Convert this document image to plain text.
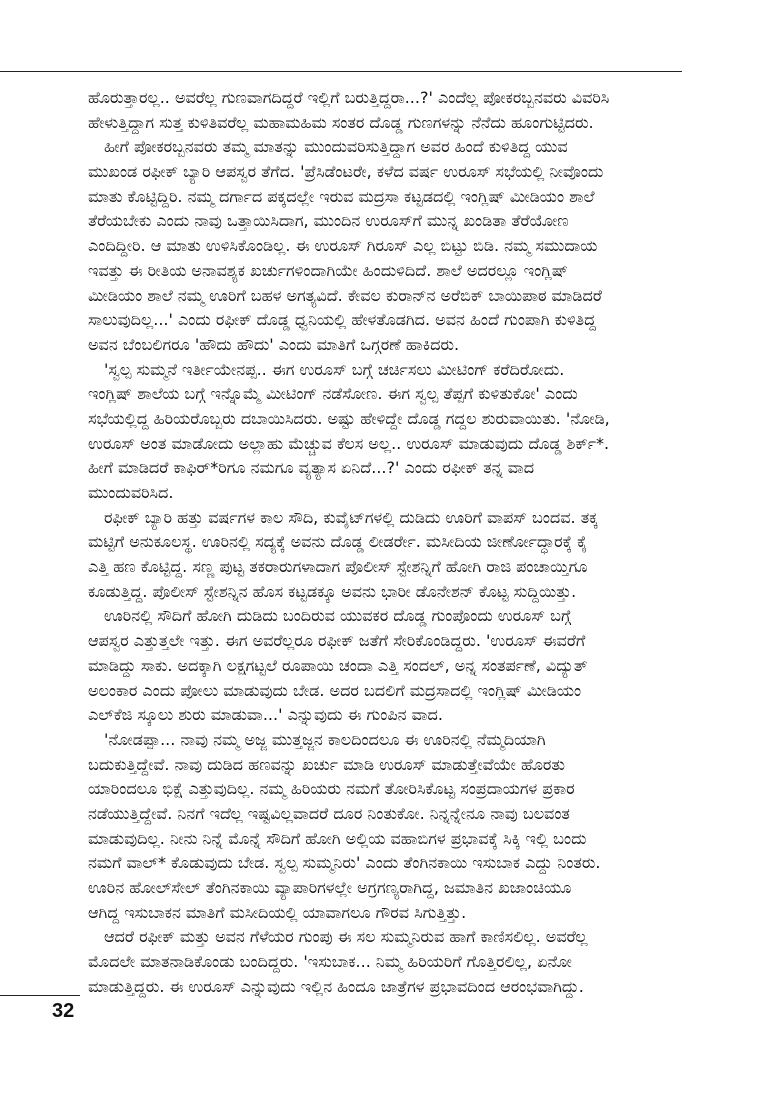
ಹೊರುತ್ತಾರಲ್ಲ.. ಅವರೆಲ್ಲ ಗುಣವಾಗದಿದ್ದರೆ ಇಲ್ಲಿಗೆ ಬರುತ್ತಿದ್ದರಾ...?' ಎಂದೆಲ್ಲ ಪೋಕರಬ್ಬನವರು ವಿವರಿಸಿ
ಹೇಳುತ್ತಿದ್ದಾಗ ಸುತ್ತ ಕುಳಿತಿವರೆಲ್ಲ ಮಹಾಮಹಿಮ ಸಂತರ ದೊಡ್ಡ ಗುಣಗಳನ್ನು ನೆನೆದು ಹೂಂಗುಟ್ಟಿದರು.
ಹೀಗೆ ಪೋಕರಬ್ಬನವರು ತಮ್ಮ ಮಾತನ್ನು ಮುಂದುವರಿಸುತ್ತಿದ್ದಾಗ ಅವರ ಹಿಂದೆ ಕುಳಿತಿದ್ದ ಯುವ
ಮುಖಂಡ ರಫೀಕ್ ಬ್ಯಾರಿ ಆಪಸ್ವರ ತೆಗೆದ. 'ಪ್ರೆಸಿಡೆಂಟರೇ, ಕಳೆದ ವರ್ಷ ಉರೂಸ್ ಸಭೆಯಲ್ಲಿ ನೀವೊಂದು
ಮಾತು ಕೊಟ್ಟಿದ್ದಿರಿ. ನಮ್ಮ ದರ್ಗಾದ ಪಕ್ಕದಲ್ಲೇ ಇರುವ ಮದ್ರಸಾ ಕಟ್ಟಡದಲ್ಲಿ ಇಂಗ್ಲಿಷ್ ಮೀಡಿಯಂ ಶಾಲೆ
ತೆರೆಯಬೇಕು ಎಂದು ನಾವು ಒತ್ತಾಯಿಸಿದಾಗ, ಮುಂದಿನ ಉರೂಸ್‌ಗೆ ಮುನ್ನ ಖಂಡಿತಾ ತೆರೆಯೋಣ
ಎಂದಿದ್ದೀರಿ. ಆ ಮಾತು ಉಳಿಸಿಕೊಂಡಿಲ್ಲ. ಈ ಉರೂಸ್ ಗಿರೂಸ್ ಎಲ್ಲ ಬಿಟ್ಟು ಬಿಡಿ. ನಮ್ಮ ಸಮುದಾಯ
ಇವತ್ತು ಈ ರೀತಿಯ ಅನಾವಶ್ಯಕ ಖರ್ಚುಗಳಿಂದಾಗಿಯೇ ಹಿಂದುಳಿದಿದೆ. ಶಾಲೆ ಅದರಲ್ಲೂ ಇಂಗ್ಲಿಷ್
ಮೀಡಿಯಂ ಶಾಲೆ ನಮ್ಮ ಊರಿಗೆ ಬಹಳ ಅಗತ್ಯವಿದೆ. ಕೇವಲ ಕುರಾನ್‌ನ ಅರೆಬಿಕ್ ಬಾಯಿಪಾಠ ಮಾಡಿದರೆ
ಸಾಲುವುದಿಲ್ಲ...' ಎಂದು ರಫೀಕ್ ದೊಡ್ಡ ಧ್ವನಿಯಲ್ಲಿ ಹೇಳತೊಡಗಿದ. ಅವನ ಹಿಂದೆ ಗುಂಪಾಗಿ ಕುಳಿತಿದ್ದ
ಅವನ ಬೆಂಬಲಿಗರೂ 'ಹೌದು ಹೌದು' ಎಂದು ಮಾತಿಗೆ ಒಗ್ಗರಣೆ ಹಾಕಿದರು.
'ಸ್ವಲ್ಪ ಸುಮ್ಮನೆ ಇರ್ತೀಯೇನಪ್ಪ.. ಈಗ ಉರೂಸ್ ಬಗ್ಗೆ ಚರ್ಚಿಸಲು ಮೀಟಿಂಗ್ ಕರೆದಿರೋದು.
ಇಂಗ್ಲಿಷ್ ಶಾಲೆಯ ಬಗ್ಗೆ ಇನ್ನೊಮ್ಮೆ ಮೀಟಿಂಗ್ ನಡೆಸೋಣ. ಈಗ ಸ್ವಲ್ಪ ತೆಪ್ಪಗೆ ಕುಳಿತುಕೋ' ಎಂದು
ಸಭೆಯಲ್ಲಿದ್ದ ಹಿರಿಯರೊಬ್ಬರು ದಬಾಯಿಸಿದರು. ಅಷ್ಟು ಹೇಳಿದ್ದೇ ದೊಡ್ಡ ಗದ್ದಲ ಶುರುವಾಯಿತು. 'ನೋಡಿ,
ಉರೂಸ್ ಅಂತ ಮಾಡೋದು ಅಲ್ಲಾಹು ಮೆಚ್ಚುವ ಕೆಲಸ ಅಲ್ಲ.. ಉರೂಸ್ ಮಾಡುವುದು ದೊಡ್ಡ ಶಿರ್ಕ್*.
ಹೀಗೆ ಮಾಡಿದರೆ ಕಾಫಿರ್*ರಿಗೂ ನಮಗೂ ವ್ಯತ್ಯಾಸ ಏನಿದೆ...?' ಎಂದು ರಫೀಕ್ ತನ್ನ ವಾದ
ಮುಂದುವರಿಸಿದ.
ರಫೀಕ್ ಬ್ಯಾರಿ ಹತ್ತು ವರ್ಷಗಳ ಕಾಲ ಸೌದಿ, ಕುವೈಟ್‌ಗಳಲ್ಲಿ ದುಡಿದು ಊರಿಗೆ ವಾಪಸ್ ಬಂದವ. ತಕ್ಕ
ಮಟ್ಟಿಗೆ ಅನುಕೂಲಸ್ಥ. ಊರಿನಲ್ಲಿ ಸದ್ಯಕ್ಕೆ ಅವನು ದೊಡ್ಡ ಲೀಡರ್ರೇ. ಮಸೀದಿಯ ಜೀರ್ಣೋದ್ಧಾರಕ್ಕೆ ಕೈ
ಎತ್ತಿ ಹಣ ಕೊಟ್ಟಿದ್ದ. ಸಣ್ಣ ಪುಟ್ಟ ತಕರಾರುಗಳಾದಾಗ ಪೊಲೀಸ್ ಸ್ಟೇಶನ್ನಿಗೆ ಹೋಗಿ ರಾಜಿ ಪಂಚಾಯ್ತಿಗೂ
ಕೂಡುತ್ತಿದ್ದ. ಪೊಲೀಸ್ ಸ್ಟೇಶನ್ನಿನ ಹೊಸ ಕಟ್ಟಡಕ್ಕೂ ಅವನು ಭಾರೀ ಡೊನೇಶನ್ ಕೊಟ್ಟ ಸುದ್ದಿಯಿತ್ತು.
ಊರಿನಲ್ಲಿ ಸೌದಿಗೆ ಹೋಗಿ ದುಡಿದು ಬಂದಿರುವ ಯುವಕರ ದೊಡ್ಡ ಗುಂಪೊಂದು ಉರೂಸ್ ಬಗ್ಗೆ
ಆಪಸ್ವರ ಎತ್ತುತ್ತಲೇ ಇತ್ತು. ಈಗ ಅವರೆಲ್ಲರೂ ರಫೀಕ್ ಜತೆಗೆ ಸೇರಿಕೊಂಡಿದ್ದರು. 'ಉರೂಸ್ ಈವರೆಗೆ
ಮಾಡಿದ್ದು ಸಾಕು. ಅದಕ್ಕಾಗಿ ಲಕ್ಷಗಟ್ಟಲೆ ರೂಪಾಯಿ ಚಂದಾ ಎತ್ತಿ ಸಂದಲ್, ಅನ್ನ ಸಂತರ್ಪಣೆ, ವಿದ್ಯುತ್
ಅಲಂಕಾರ ಎಂದು ಪೋಲು ಮಾಡುವುದು ಬೇಡ. ಅದರ ಬದಲಿಗೆ ಮದ್ರಸಾದಲ್ಲಿ ಇಂಗ್ಲಿಷ್ ಮೀಡಿಯಂ
ಎಲ್‌ಕೆಜಿ ಸ್ಕೂಲು ಶುರು ಮಾಡುವಾ...' ಎನ್ನುವುದು ಈ ಗುಂಪಿನ ವಾದ.
'ನೋಡಪ್ಪಾ... ನಾವು ನಮ್ಮ ಅಜ್ಜ ಮುತ್ತಜ್ಜನ ಕಾಲದಿಂದಲೂ ಈ ಊರಿನಲ್ಲಿ ನೆಮ್ಮದಿಯಾಗಿ
ಬದುಕುತ್ತಿದ್ದೇವೆ. ನಾವು ದುಡಿದ ಹಣವನ್ನು ಖರ್ಚು ಮಾಡಿ ಉರೂಸ್ ಮಾಡುತ್ತೇವೆಯೇ ಹೊರತು
ಯಾರಿಂದಲೂ ಭಿಕ್ಷೆ ಎತ್ತುವುದಿಲ್ಲ. ನಮ್ಮ ಹಿರಿಯರು ನಮಗೆ ತೋರಿಸಿಕೊಟ್ಟ ಸಂಪ್ರದಾಯಗಳ ಪ್ರಕಾರ
ನಡೆಯುತ್ತಿದ್ದೇವೆ. ನಿನಗೆ ಇದೆಲ್ಲ ಇಷ್ಟವಿಲ್ಲವಾದರೆ ದೂರ ನಿಂತುಕೋ. ನಿನ್ನನ್ನೇನೂ ನಾವು ಬಲವಂತ
ಮಾಡುವುದಿಲ್ಲ. ನೀನು ನಿನ್ನೆ ಮೊನ್ನೆ ಸೌದಿಗೆ ಹೋಗಿ ಅಲ್ಲಿಯ ವಹಾಬಿಗಳ ಪ್ರಭಾವಕ್ಕೆ ಸಿಕ್ಕಿ ಇಲ್ಲಿ ಬಂದು
ನಮಗೆ ವಾಲ್* ಕೊಡುವುದು ಬೇಡ. ಸ್ವಲ್ಪ ಸುಮ್ಮನಿರು' ಎಂದು ತೆಂಗಿನಕಾಯಿ ಇಸುಬಾಕ ಎದ್ದು ನಿಂತರು.
ಊರಿನ ಹೋಲ್‌ಸೇಲ್ ತೆಂಗಿನಕಾಯಿ ವ್ಯಾಪಾರಿಗಳಲ್ಲೇ ಅಗ್ರಗಣ್ಯರಾಗಿದ್ದ, ಜಮಾತಿನ ಖಜಾಂಚಿಯೂ
ಆಗಿದ್ದ ಇಸುಬಾಕನ ಮಾತಿಗೆ ಮಸೀದಿಯಲ್ಲಿ ಯಾವಾಗಲೂ ಗೌರವ ಸಿಗುತ್ತಿತ್ತು.
ಆದರೆ ರಫೀಕ್ ಮತ್ತು ಅವನ ಗೆಳೆಯರ ಗುಂಪು ಈ ಸಲ ಸುಮ್ಮನಿರುವ ಹಾಗೆ ಕಾಣಿಸಲಿಲ್ಲ. ಅವರೆಲ್ಲ
ಮೊದಲೇ ಮಾತನಾಡಿಕೊಂಡು ಬಂದಿದ್ದರು. 'ಇಸುಬಾಕ... ನಿಮ್ಮ ಹಿರಿಯರಿಗೆ ಗೊತ್ತಿರಲಿಲ್ಲ, ಏನೋ
ಮಾಡುತ್ತಿದ್ದರು. ಈ ಉರೂಸ್ ಎನ್ನುವುದು ಇಲ್ಲಿನ ಹಿಂದೂ ಜಾತ್ರೆಗಳ ಪ್ರಭಾವದಿಂದ ಆರಂಭವಾಗಿದ್ದು.
32
